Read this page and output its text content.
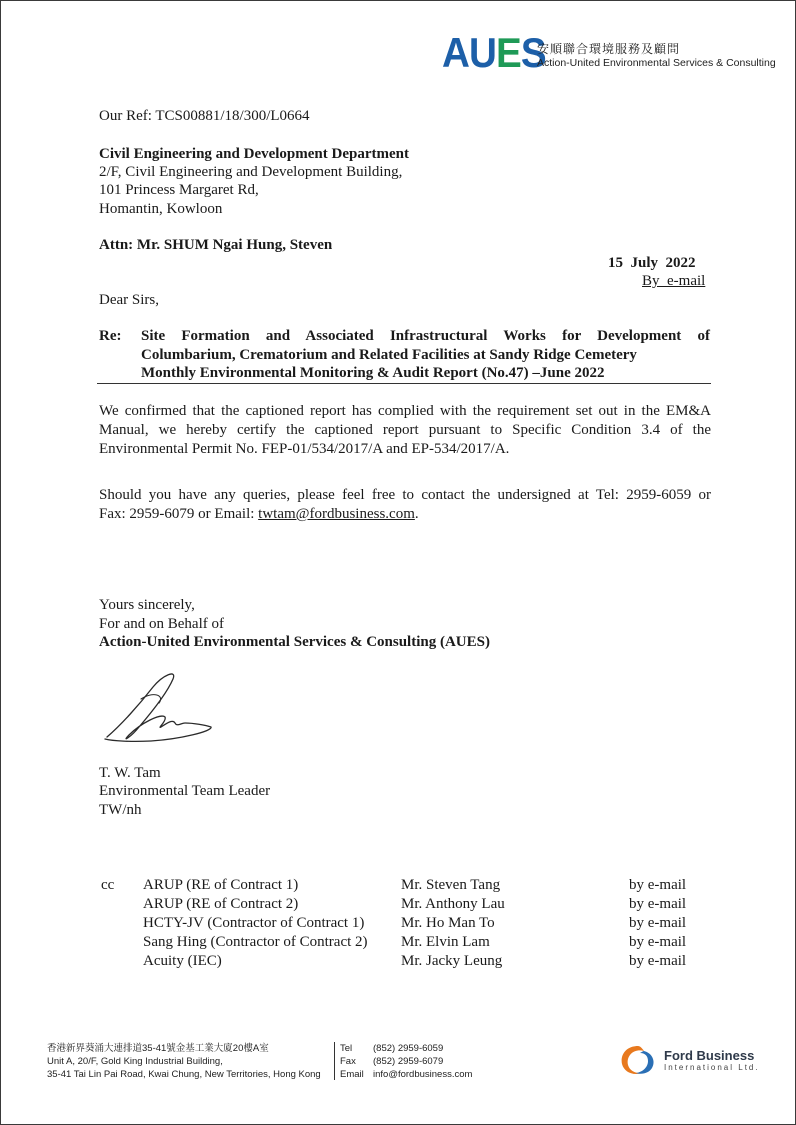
AUES
安順聯合環境服務及顧問
Action-United Environmental Services & Consulting
Our Ref: TCS00881/18/300/L0664
Civil Engineering and Development Department
2/F, Civil Engineering and Development Building,
101 Princess Margaret Rd,
Homantin, Kowloon
Attn: Mr. SHUM Ngai Hung, Steven
15  July  2022
By  e-mail
Dear Sirs,
Re: Site Formation and Associated Infrastructural Works for Development of
Columbarium, Crematorium and Related Facilities at Sandy Ridge Cemetery
Monthly Environmental Monitoring & Audit Report (No.47) –June 2022
We confirmed that the captioned report has complied with the requirement set out in the EM&A
Manual, we hereby certify the captioned report pursuant to Specific Condition 3.4 of the
Environmental Permit No. FEP-01/534/2017/A and EP-534/2017/A.
Should you have any queries, please feel free to contact the undersigned at Tel: 2959-6059 or
Fax: 2959-6079 or Email: twtam@fordbusiness.com.
Yours sincerely,
For and on Behalf of
Action-United Environmental Services & Consulting (AUES)
T. W. Tam
Environmental Team Leader
TW/nh
cc ARUP (RE of Contract 1)	Mr. Steven Tang	by e-mail
ARUP (RE of Contract 2)	Mr. Anthony Lau	by e-mail
HCTY-JV (Contractor of Contract 1) Mr. Ho Man To	by e-mail
Sang Hing (Contractor of Contract 2) Mr. Elvin Lam	by e-mail
Acuity (IEC)	Mr. Jacky Leung	by e-mail
香港新界葵涌大連排道35-41號金基工業大廈20樓A室
Unit A, 20/F, Gold King Industrial Building,
35-41 Tai Lin Pai Road, Kwai Chung, New Territories, Hong Kong
Tel (852) 2959-6059
Fax (852) 2959-6079
Email info@fordbusiness.com
Ford Business
International Ltd.
